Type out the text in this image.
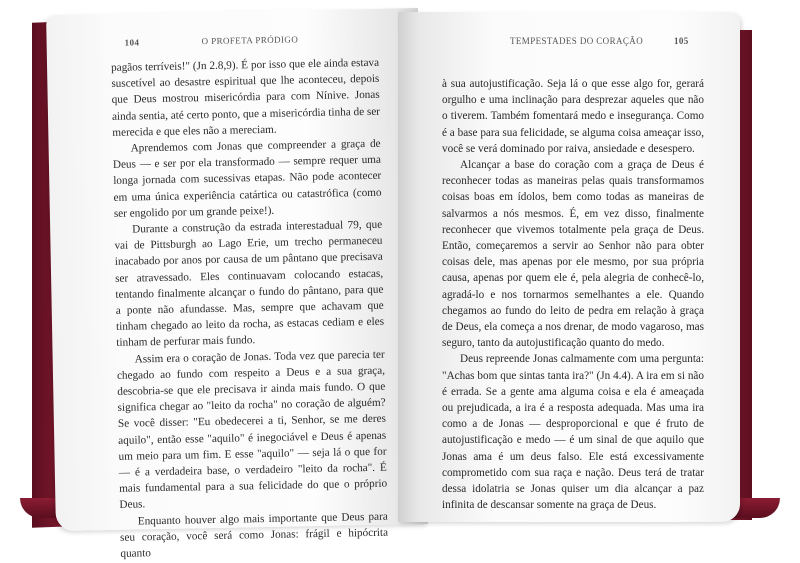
104	O PROFETA PRÓDIGO

pagãos terríveis!" (Jn 2.8,9). É por isso que ele ainda estava suscetível ao desastre espiritual que lhe aconteceu, depois que Deus mostrou misericórdia para com Nínive. Jonas ainda sentia, até certo ponto, que a misericórdia tinha de ser merecida e que eles não a mereciam.

Aprendemos com Jonas que compreender a graça de Deus — e ser por ela transformado — sempre requer uma longa jornada com sucessivas etapas. Não pode acontecer em uma única experiência catártica ou catastrófica (como ser engolido por um grande peixe!).

Durante a construção da estrada interestadual 79, que vai de Pittsburgh ao Lago Erie, um trecho permaneceu inacabado por anos por causa de um pântano que precisava ser atravessado. Eles continuavam colocando estacas, tentando finalmente alcançar o fundo do pântano, para que a ponte não afundasse. Mas, sempre que achavam que tinham chegado ao leito da rocha, as estacas cediam e eles tinham de perfurar mais fundo.

Assim era o coração de Jonas. Toda vez que parecia ter chegado ao fundo com respeito a Deus e a sua graça, descobria-se que ele precisava ir ainda mais fundo. O que significa chegar ao "leito da rocha" no coração de alguém? Se você disser: "Eu obedecerei a ti, Senhor, se me deres aquilo", então esse "aquilo" é inegociável e Deus é apenas um meio para um fim. E esse "aquilo" — seja lá o que for — é a verdadeira base, o verdadeiro "leito da rocha". É mais fundamental para a sua felicidade do que o próprio Deus.

Enquanto houver algo mais importante que Deus para seu coração, você será como Jonas: frágil e hipócrita quanto

TEMPESTADES DO CORAÇÃO	105

à sua autojustificação. Seja lá o que esse algo for, gerará orgulho e uma inclinação para desprezar aqueles que não o tiverem. Também fomentará medo e insegurança. Como é a base para sua felicidade, se alguma coisa ameaçar isso, você se verá dominado por raiva, ansiedade e desespero.

Alcançar a base do coração com a graça de Deus é reconhecer todas as maneiras pelas quais transformamos coisas boas em ídolos, bem como todas as maneiras de salvarmos a nós mesmos. É, em vez disso, finalmente reconhecer que vivemos totalmente pela graça de Deus. Então, começaremos a servir ao Senhor não para obter coisas dele, mas apenas por ele mesmo, por sua própria causa, apenas por quem ele é, pela alegria de conhecê-lo, agradá-lo e nos tornarmos semelhantes a ele. Quando chegamos ao fundo do leito de pedra em relação à graça de Deus, ela começa a nos drenar, de modo vagaroso, mas seguro, tanto da autojustificação quanto do medo.

Deus repreende Jonas calmamente com uma pergunta: "Achas bom que sintas tanta ira?" (Jn 4.4). A ira em si não é errada. Se a gente ama alguma coisa e ela é ameaçada ou prejudicada, a ira é a resposta adequada. Mas uma ira como a de Jonas — desproporcional e que é fruto de autojustificação e medo — é um sinal de que aquilo que Jonas ama é um deus falso. Ele está excessivamente comprometido com sua raça e nação. Deus terá de tratar dessa idolatria se Jonas quiser um dia alcançar a paz infinita de descansar somente na graça de Deus.
